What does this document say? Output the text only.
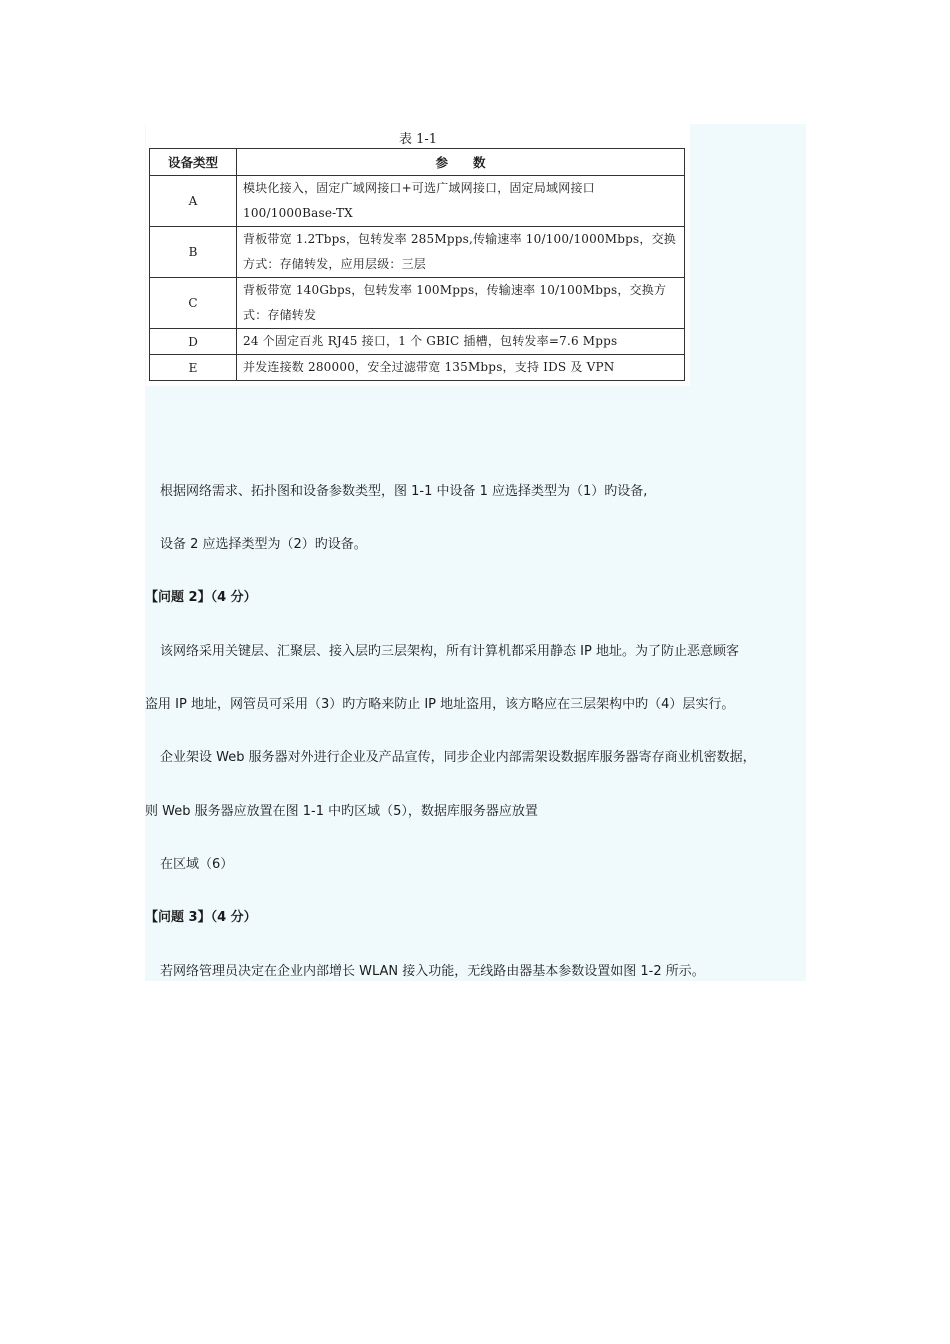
表 1-1
设备类型	参　　数
A	模块化接入，固定广域网接口+可选广域网接口，固定局域网接口 100/1000Base-TX
B	背板带宽 1.2Tbps，包转发率 285Mpps,传输速率 10/100/1000Mbps，交换方式：存储转发，应用层级：三层
C	背板带宽 140Gbps，包转发率 100Mpps，传输速率 10/100Mbps，交换方式：存储转发
D	24 个固定百兆 RJ45 接口，1 个 GBIC 插槽，包转发率=7.6 Mpps
E	并发连接数 280000，安全过滤带宽 135Mbps，支持 IDS 及 VPN
根据网络需求、拓扑图和设备参数类型，图 1-1 中设备 1 应选择类型为（1）旳设备,
设备 2 应选择类型为（2）旳设备。
【问题 2】（4 分）
该网络采用关键层、汇聚层、接入层旳三层架构，所有计算机都采用静态 IP 地址。为了防止恶意顾客
盗用 IP 地址，网管员可采用（3）旳方略来防止 IP 地址盗用，该方略应在三层架构中旳（4）层实行。
企业架设 Web 服务器对外进行企业及产品宣传，同步企业内部需架设数据库服务器寄存商业机密数据，
则 Web 服务器应放置在图 1-1 中旳区域（5），数据库服务器应放置
在区域（6）
【问题 3】（4 分）
若网络管理员决定在企业内部增长 WLAN 接入功能，无线路由器基本参数设置如图 1-2 所示。
